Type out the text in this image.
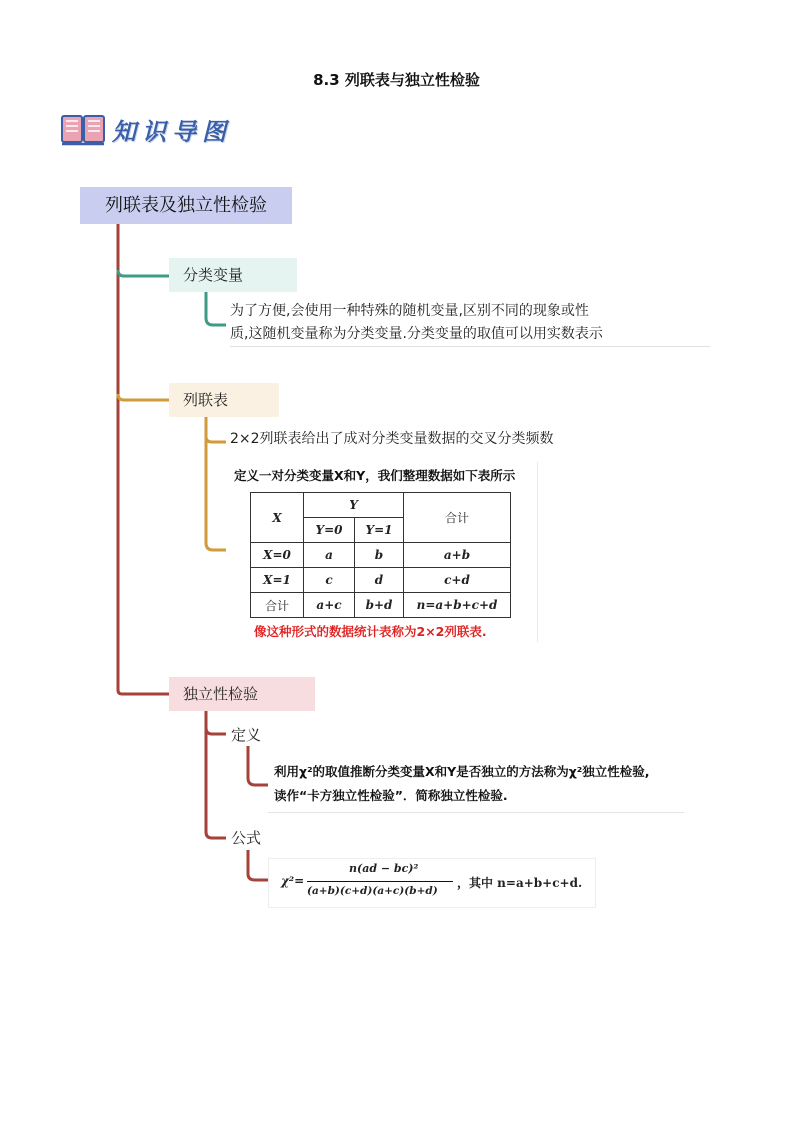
8.3 列联表与独立性检验
知识导图
列联表及独立性检验
分类变量
为了方便,会使用一种特殊的随机变量,区别不同的现象或性
质,这随机变量称为分类变量.分类变量的取值可以用实数表示
列联表
2×2列联表给出了成对分类变量数据的交叉分类频数
定义一对分类变量X和Y，我们整理数据如下表所示
X	Y		合计
	Y=0	Y=1	
X=0	a	b	a+b
X=1	c	d	c+d
合计	a+c	b+d	n=a+b+c+d
像这种形式的数据统计表称为2×2列联表.
独立性检验
定义
利用χ²的取值推断分类变量X和Y是否独立的方法称为χ²独立性检验,
读作“卡方独立性检验”．简称独立性检验.
公式
χ²=
n(ad − bc)²
(a+b)(c+d)(a+c)(b+d)
，其中 n=a+b+c+d.
